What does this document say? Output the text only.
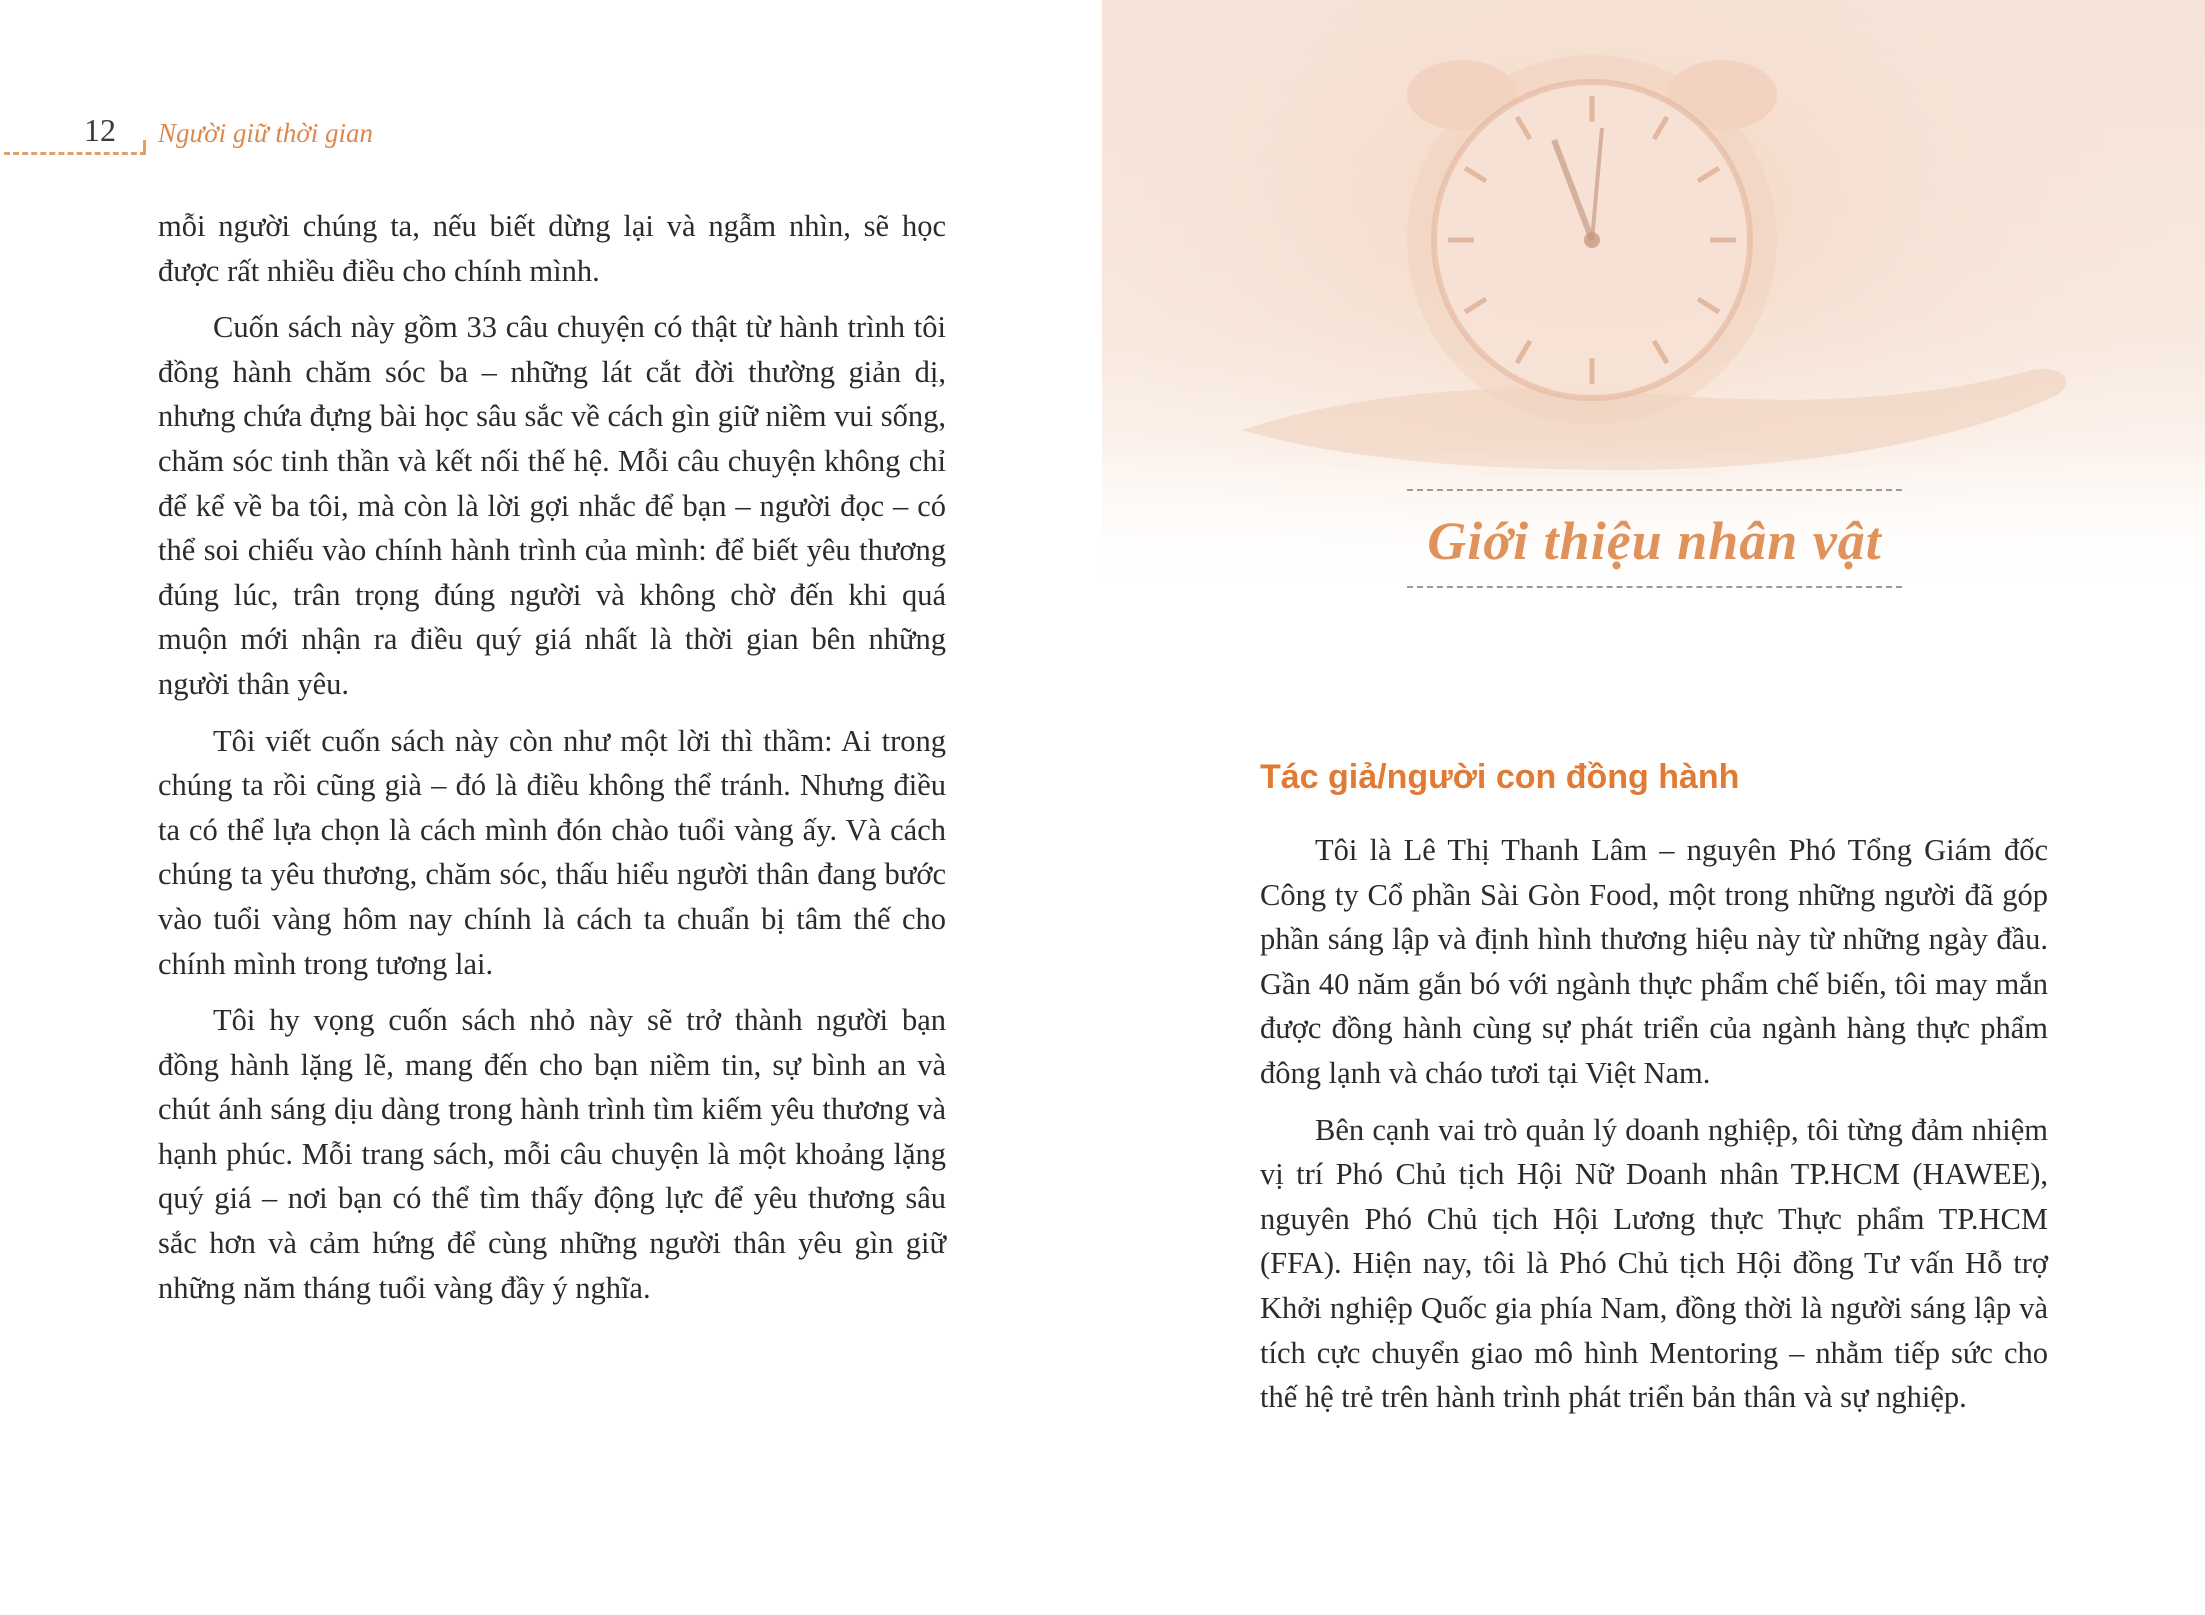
12 Người giữ thời gian

mỗi người chúng ta, nếu biết dừng lại và ngẫm nhìn, sẽ học được rất nhiều điều cho chính mình.

Cuốn sách này gồm 33 câu chuyện có thật từ hành trình tôi đồng hành chăm sóc ba – những lát cắt đời thường giản dị, nhưng chứa đựng bài học sâu sắc về cách gìn giữ niềm vui sống, chăm sóc tinh thần và kết nối thế hệ. Mỗi câu chuyện không chỉ để kể về ba tôi, mà còn là lời gợi nhắc để bạn – người đọc – có thể soi chiếu vào chính hành trình của mình: để biết yêu thương đúng lúc, trân trọng đúng người và không chờ đến khi quá muộn mới nhận ra điều quý giá nhất là thời gian bên những người thân yêu.

Tôi viết cuốn sách này còn như một lời thì thầm: Ai trong chúng ta rồi cũng già – đó là điều không thể tránh. Nhưng điều ta có thể lựa chọn là cách mình đón chào tuổi vàng ấy. Và cách chúng ta yêu thương, chăm sóc, thấu hiểu người thân đang bước vào tuổi vàng hôm nay chính là cách ta chuẩn bị tâm thế cho chính mình trong tương lai.

Tôi hy vọng cuốn sách nhỏ này sẽ trở thành người bạn đồng hành lặng lẽ, mang đến cho bạn niềm tin, sự bình an và chút ánh sáng dịu dàng trong hành trình tìm kiếm yêu thương và hạnh phúc. Mỗi trang sách, mỗi câu chuyện là một khoảng lặng quý giá – nơi bạn có thể tìm thấy động lực để yêu thương sâu sắc hơn và cảm hứng để cùng những người thân yêu gìn giữ những năm tháng tuổi vàng đầy ý nghĩa.

Giới thiệu nhân vật
Tác giả/người con đồng hành

Tôi là Lê Thị Thanh Lâm – nguyên Phó Tổng Giám đốc Công ty Cổ phần Sài Gòn Food, một trong những người đã góp phần sáng lập và định hình thương hiệu này từ những ngày đầu. Gần 40 năm gắn bó với ngành thực phẩm chế biến, tôi may mắn được đồng hành cùng sự phát triển của ngành hàng thực phẩm đông lạnh và cháo tươi tại Việt Nam.

Bên cạnh vai trò quản lý doanh nghiệp, tôi từng đảm nhiệm vị trí Phó Chủ tịch Hội Nữ Doanh nhân TP.HCM (HAWEE), nguyên Phó Chủ tịch Hội Lương thực Thực phẩm TP.HCM (FFA). Hiện nay, tôi là Phó Chủ tịch Hội đồng Tư vấn Hỗ trợ Khởi nghiệp Quốc gia phía Nam, đồng thời là người sáng lập và tích cực chuyển giao mô hình Mentoring – nhằm tiếp sức cho thế hệ trẻ trên hành trình phát triển bản thân và sự nghiệp.
